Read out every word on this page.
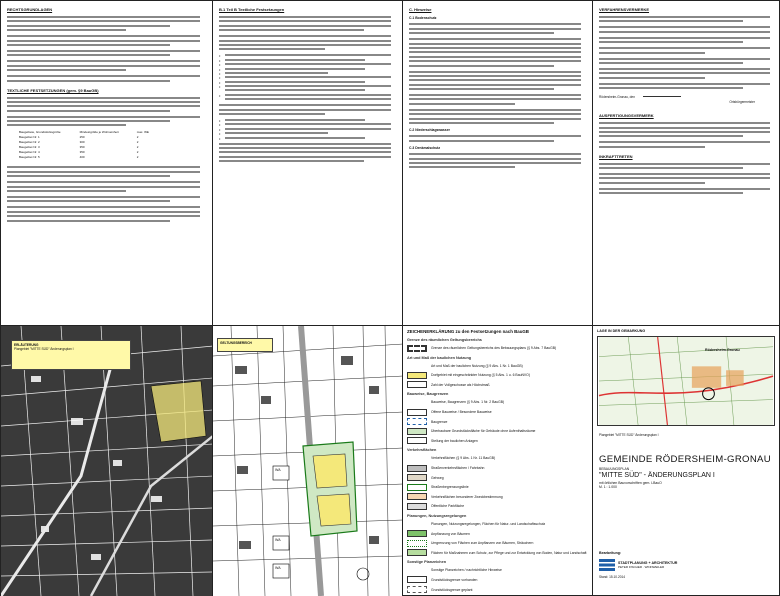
RECHTSGRUNDLAGEN
TEXTLICHE FESTSETZUNGEN (gem. §9 BauGB)
Baugebiete, Grundstücksgröße	Mindestgröße je Wohneinheit	max. WE
Baugebiet Nr. 1	250	2
Baugebiet Nr. 2	300	2
Baugebiet Nr. 3	350	2
Baugebiet Nr. 4	350	2
Baugebiet Nr. 5	400	2
B.1 Teil B Textliche Festsetzungen
•
•
•
•
•
•
•
•
•
•
•
•
•
•	C. Hinweise
C.1 Bodenschutz
C.2 Niederschlagswasser
C.3 Denkmalschutz
VERFAHRENSVERMERKE
Rödersheim-Gronau, den
Ortsbürgermeister
AUSFERTIGUNGSVERMERK
INKRAFTTRETEN
ERLÄUTERUNG
Plangebiet "MITTE SÜD" Änderungsplan I
GELTUNGSBEREICH
WA
WA
WA
ZEICHENERKLÄRUNG zu den Festsetzungen nach BauGB
Grenze des räumlichen Geltungsbereichs
Grenze des räumlichen Geltungsbereichs des Bebauungsplans (§ 9 Abs. 7 BauGB)
Art und Maß der baulichen Nutzung
Art und Maß der baulichen Nutzung (§ 9 Abs. 1 Nr. 1 BauGB)
Dorfgebiet mit eingeschränkter Nutzung (§ 5 Abs. 1 u. 6 BauNVO)
Zahl der Vollgeschosse als Höchstmaß
Bauweise, Baugrenzen
Bauweise, Baugrenzen (§ 9 Abs. 1 Nr. 2 BauGB)
Offene Bauweise / Besondere Bauweise
Baugrenze
Überbaubare Grundstücksfläche für Gebäude ohne Aufenthaltsräume
Stellung der baulichen Anlagen
Verkehrsflächen
Verkehrsflächen (§ 9 Abs. 1 Nr. 11 BauGB)
Straßenverkehrsflächen / Fahrbahn
Gehweg
Straßenbegrenzungslinie
Verkehrsflächen besonderer Zweckbestimmung
Öffentliche Parkfläche
Planungen, Nutzungsregelungen
Planungen, Nutzungsregelungen, Flächen für Natur- und Landschaftsschutz
Anpflanzung von Bäumen
Umgrenzung von Flächen zum Anpflanzen von Bäumen, Sträuchern
Flächen für Maßnahmen zum Schutz, zur Pflege und zur Entwicklung von Boden, Natur und Landschaft
Sonstige Planzeichen
Sonstige Planzeichen / nachrichtliche Hinweise
Grundstücksgrenze vorhanden
Grundstücksgrenze geplant
LAGE IN DER GEMARKUNG
Rödersheim-Gronau
Plangebiet "MITTE SÜD" Änderungsplan I
GEMEINDE RÖDERSHEIM-GRONAU
BEBAUUNGSPLAN
"MITTE SÜD" - ÄNDERUNGSPLAN I
mit örtlichen Bauvorschriften gem. LBauO
M. 1 : 1.000
Bearbeitung:
STADTPLANUNG + ARCHITEKTUR
PETER FISCHER · WINNWEILER
Stand: 15.10.2014
